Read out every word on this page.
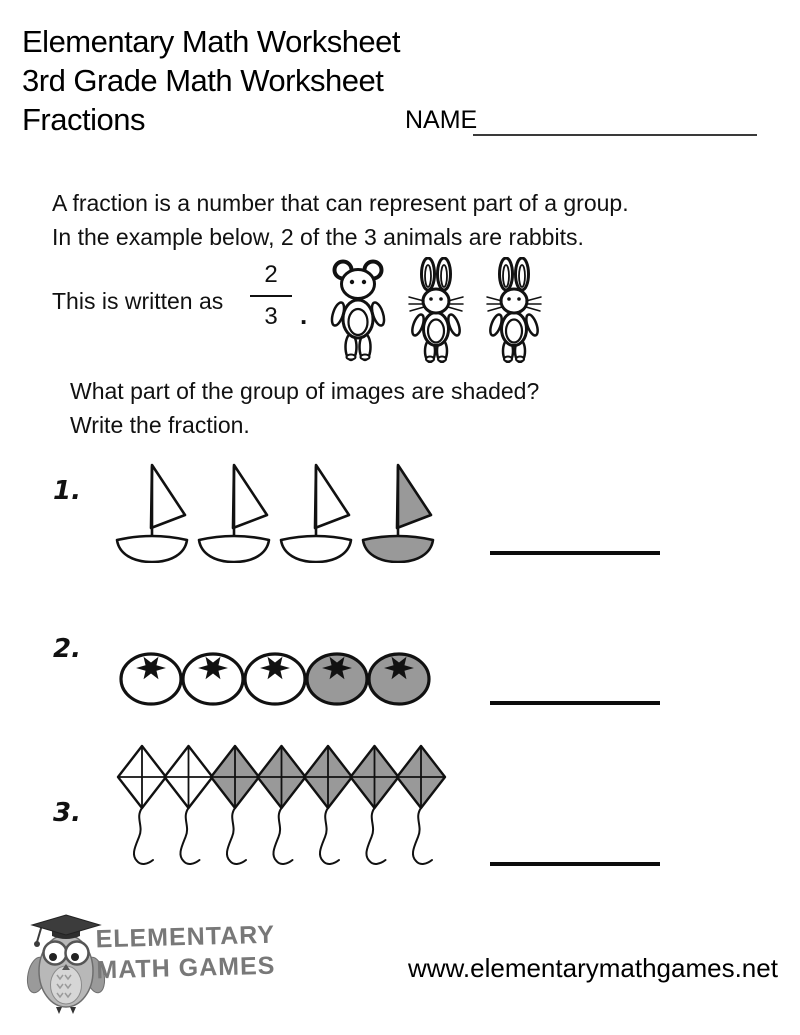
Elementary Math Worksheet
3rd Grade Math Worksheet
Fractions	NAME
A fraction is a number that can represent part of a group.
In the example below, 2 of the 3 animals are rabbits.
This is written as
2
3 .
What part of the group of images are shaded?
Write the fraction.
1.
2.
3.
ELEMENTARY
MATH GAMES	www.elementarymathgames.net
